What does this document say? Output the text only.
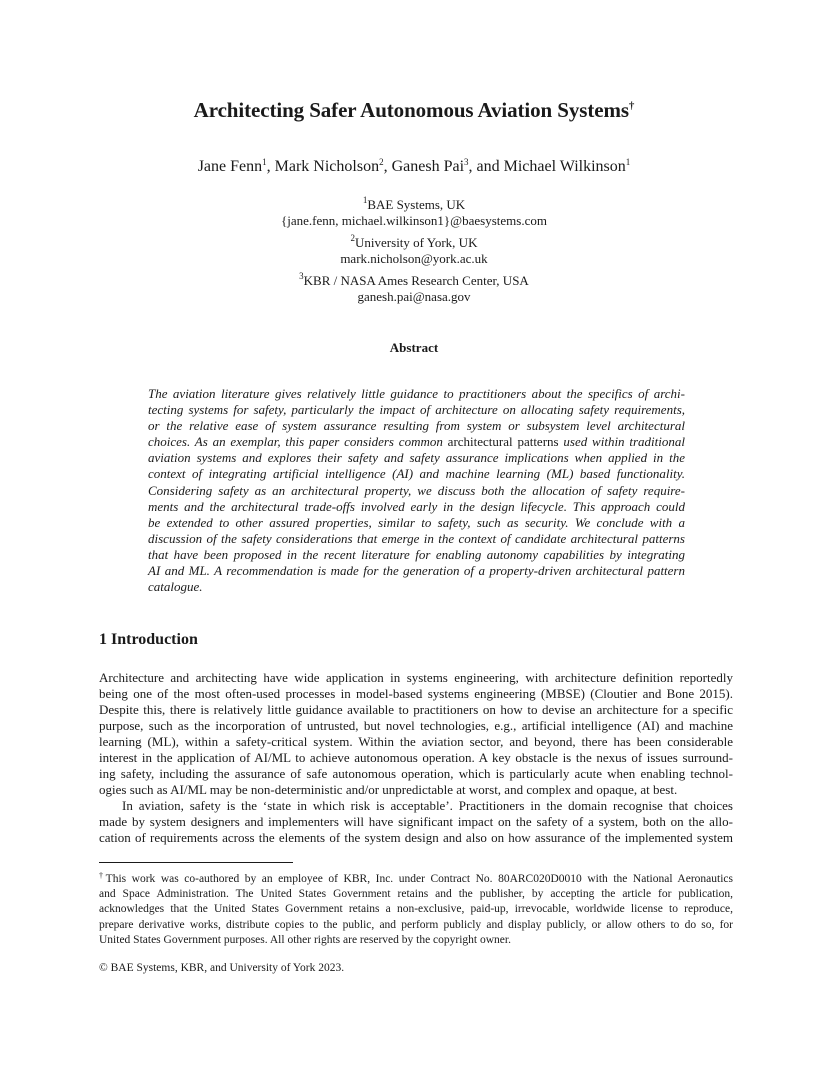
Architecting Safer Autonomous Aviation Systems†
Jane Fenn$^1$, Mark Nicholson$^2$, Ganesh Pai$^3$, and Michael Wilkinson$^1$
$^1$BAE Systems, UK
{jane.fenn, michael.wilkinson1}@baesystems.com
$^2$University of York, UK
mark.nicholson@york.ac.uk
$^3$KBR / NASA Ames Research Center, USA
ganesh.pai@nasa.gov
Abstract
The aviation literature gives relatively little guidance to practitioners about the specifics of archi-
tecting systems for safety, particularly the impact of architecture on allocating safety requirements,
or the relative ease of system assurance resulting from system or subsystem level architectural
choices. As an exemplar, this paper considers common architectural patterns used within traditional
aviation systems and explores their safety and safety assurance implications when applied in the
context of integrating artificial intelligence (AI) and machine learning (ML) based functionality.
Considering safety as an architectural property, we discuss both the allocation of safety require-
ments and the architectural trade-offs involved early in the design lifecycle. This approach could
be extended to other assured properties, similar to safety, such as security. We conclude with a
discussion of the safety considerations that emerge in the context of candidate architectural patterns
that have been proposed in the recent literature for enabling autonomy capabilities by integrating
AI and ML. A recommendation is made for the generation of a property-driven architectural pattern
catalogue.
1 Introduction
Architecture and architecting have wide application in systems engineering, with architecture definition reportedly
being one of the most often-used processes in model-based systems engineering (MBSE) (Cloutier and Bone 2015).
Despite this, there is relatively little guidance available to practitioners on how to devise an architecture for a specific
purpose, such as the incorporation of untrusted, but novel technologies, e.g., artificial intelligence (AI) and machine
learning (ML), within a safety-critical system. Within the aviation sector, and beyond, there has been considerable
interest in the application of AI/ML to achieve autonomous operation. A key obstacle is the nexus of issues surround-
ing safety, including the assurance of safe autonomous operation, which is particularly acute when enabling technol-
ogies such as AI/ML may be non-deterministic and/or unpredictable at worst, and complex and opaque, at best.
In aviation, safety is the ‘state in which risk is acceptable’. Practitioners in the domain recognise that choices
made by system designers and implementers will have significant impact on the safety of a system, both on the allo-
cation of requirements across the elements of the system design and also on how assurance of the implemented system
†This work was co-authored by an employee of KBR, Inc. under Contract No. 80ARC020D0010 with the National Aeronautics
and Space Administration. The United States Government retains and the publisher, by accepting the article for publication,
acknowledges that the United States Government retains a non-exclusive, paid-up, irrevocable, worldwide license to reproduce,
prepare derivative works, distribute copies to the public, and perform publicly and display publicly, or allow others to do so, for
United States Government purposes. All other rights are reserved by the copyright owner.
© BAE Systems, KBR, and University of York 2023.
